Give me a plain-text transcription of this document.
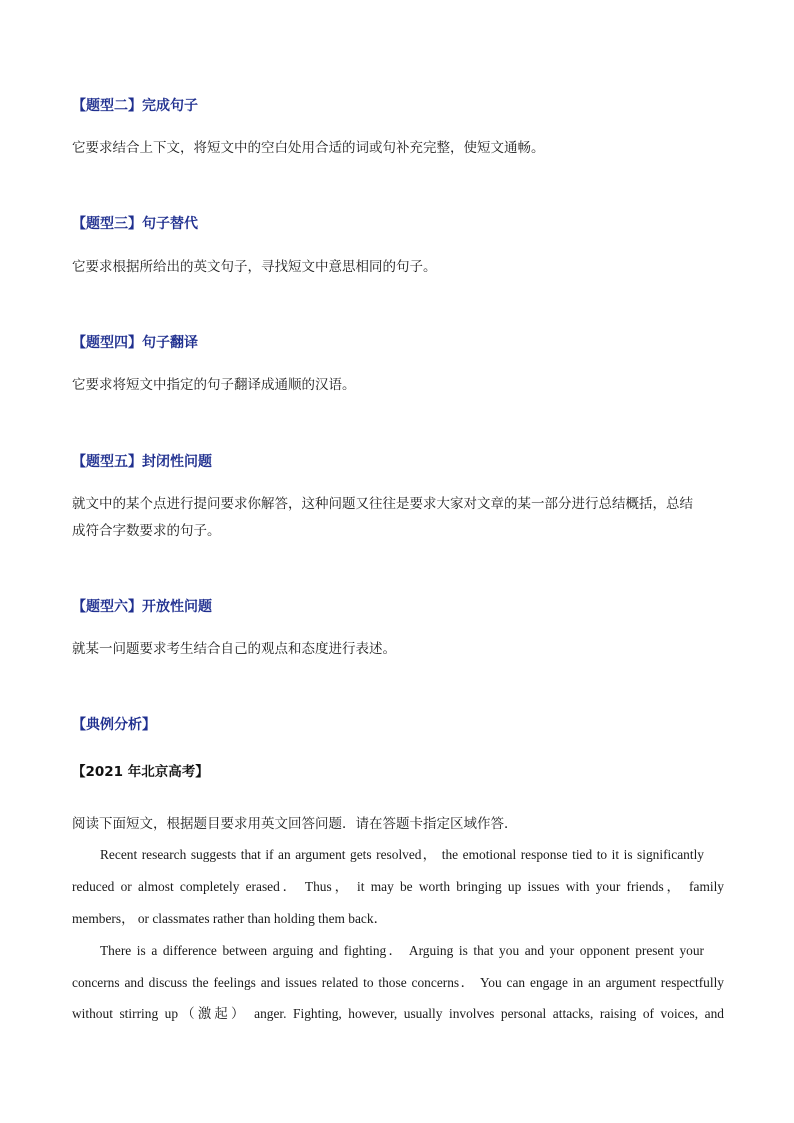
【题型二】完成句子
它要求结合上下文，将短文中的空白处用合适的词或句补充完整，使短文通畅。
【题型三】句子替代
它要求根据所给出的英文句子，寻找短文中意思相同的句子。
【题型四】句子翻译
它要求将短文中指定的句子翻译成通顺的汉语。
【题型五】封闭性问题
就文中的某个点进行提问要求你解答，这种问题又往往是要求大家对文章的某一部分进行总结概括，总结
成符合字数要求的句子。
【题型六】开放性问题
就某一问题要求考生结合自己的观点和态度进行表述。
【典例分析】
【2021 年北京高考】
阅读下面短文，根据题目要求用英文回答问题．请在答题卡指定区域作答．
Recent research suggests that if an argument gets resolved， the emotional response tied to it is significantly
reduced or almost completely erased． Thus， it may be worth bringing up issues with your friends， family
members， or classmates rather than holding them back．
There is a difference between arguing and fighting． Arguing is that you and your opponent present your
concerns and discuss the feelings and issues related to those concerns． You can engage in an argument respectfully
without stirring up（激起） anger. Fighting, however, usually involves personal attacks, raising of voices, and
